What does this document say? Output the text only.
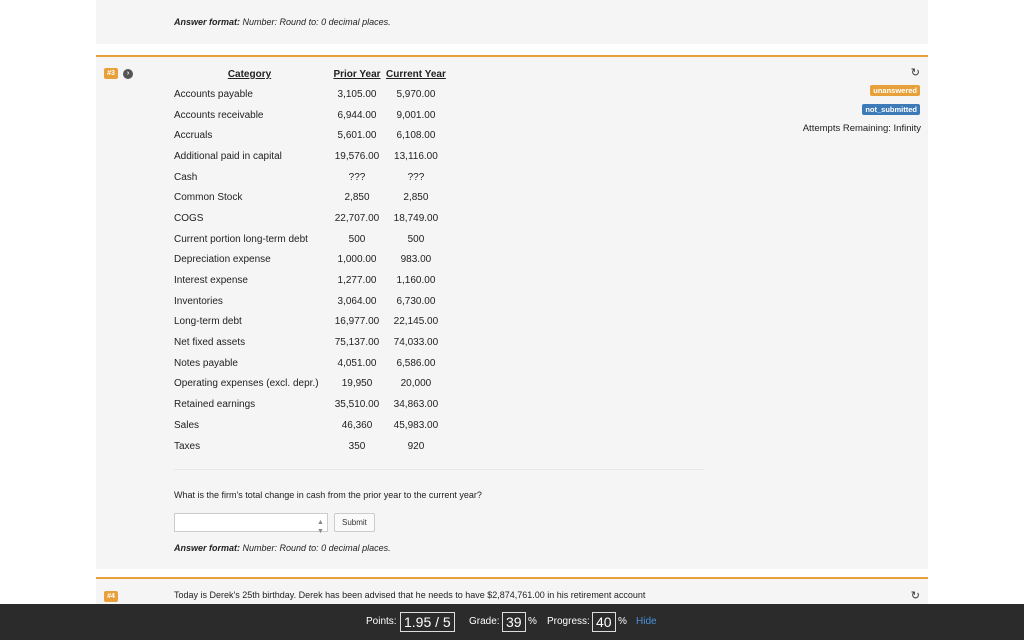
Answer format: Number: Round to: 0 decimal places.
#3	›	Category	Prior Year	Current Year
Accounts payable	3,105.00	5,970.00
Accounts receivable	6,944.00	9,001.00
Accruals	5,601.00	6,108.00
Additional paid in capital	19,576.00	13,116.00
Cash	???	???
Common Stock	2,850	2,850
COGS	22,707.00	18,749.00
Current portion long-term debt	500	500
Depreciation expense	1,000.00	983.00
Interest expense	1,277.00	1,160.00
Inventories	3,064.00	6,730.00
Long-term debt	16,977.00	22,145.00
Net fixed assets	75,137.00	74,033.00
Notes payable	4,051.00	6,586.00
Operating expenses (excl. depr.)	19,950	20,000
Retained earnings	35,510.00	34,863.00
Sales	46,360	45,983.00
Taxes	350	920
What is the firm's total change in cash from the prior year to the current year?
▲
▼
Submit
Answer format: Number: Round to: 0 decimal places.
↻
unanswered
not_submitted
Attempts Remaining: Infinity
#4	Today is Derek's 25th birthday. Derek has been advised that he needs to have $2,874,761.00 in his retirement account	↻
Points: 1.95 / 5	Grade: 39 % Progress: 40 % Hide
